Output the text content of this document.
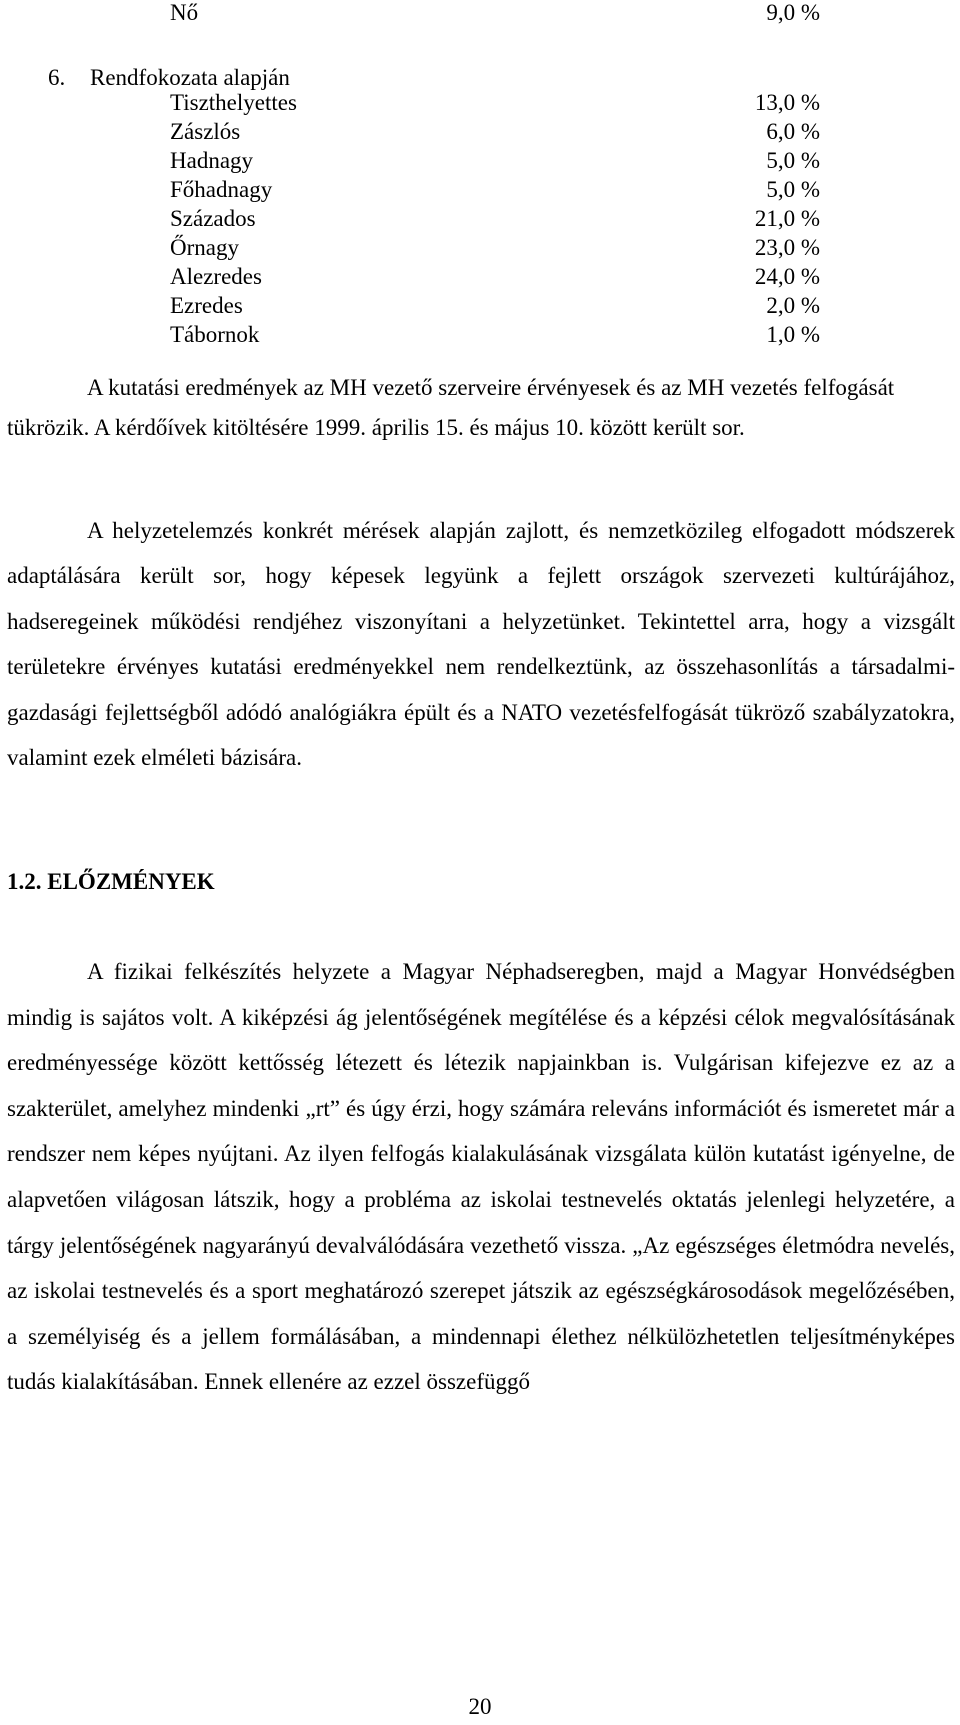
Nő	9,0 %
6. Rendfokozata alapján
Tiszthelyettes	13,0 %
Zászlós	6,0 %
Hadnagy	5,0 %
Főhadnagy	5,0 %
Százados	21,0 %
Őrnagy	23,0 %
Alezredes	24,0 %
Ezredes	2,0 %
Tábornok	1,0 %

A kutatási eredmények az MH vezető szerveire érvényesek és az MH vezetés felfogását tükrözik. A kérdőívek kitöltésére 1999. április 15. és május 10. között került sor.

A helyzetelemzés konkrét mérések alapján zajlott, és nemzetközileg elfogadott módszerek adaptálására került sor, hogy képesek legyünk a fejlett országok szervezeti kultúrájához, hadseregeinek működési rendjéhez viszonyítani a helyzetünket. Tekintettel arra, hogy a vizsgált területekre érvényes kutatási eredményekkel nem rendelkeztünk, az összehasonlítás a társadalmi-gazdasági fejlettségből adódó analógiákra épült és a NATO vezetésfelfogását tükröző szabályzatokra, valamint ezek elméleti bázisára.

1.2. ELŐZMÉNYEK

A fizikai felkészítés helyzete a Magyar Néphadseregben, majd a Magyar Honvédségben mindig is sajátos volt. A kiképzési ág jelentőségének megítélése és a képzési célok megvalósításának eredményessége között kettősség létezett és létezik napjainkban is. Vulgárisan kifejezve ez az a szakterület, amelyhez mindenki „rt” és úgy érzi, hogy számára releváns információt és ismeretet már a rendszer nem képes nyújtani. Az ilyen felfogás kialakulásának vizsgálata külön kutatást igényelne, de alapvetően világosan látszik, hogy a probléma az iskolai testnevelés oktatás jelenlegi helyzetére, a tárgy jelentőségének nagyarányú devalválódására vezethető vissza. „Az egészséges életmódra nevelés, az iskolai testnevelés és a sport meghatározó szerepet játszik az egészségkárosodások megelőzésében, a személyiség és a jellem formálásában, a mindennapi élethez nélkülözhetetlen teljesítményképes tudás kialakításában. Ennek ellenére az ezzel összefüggő

20
